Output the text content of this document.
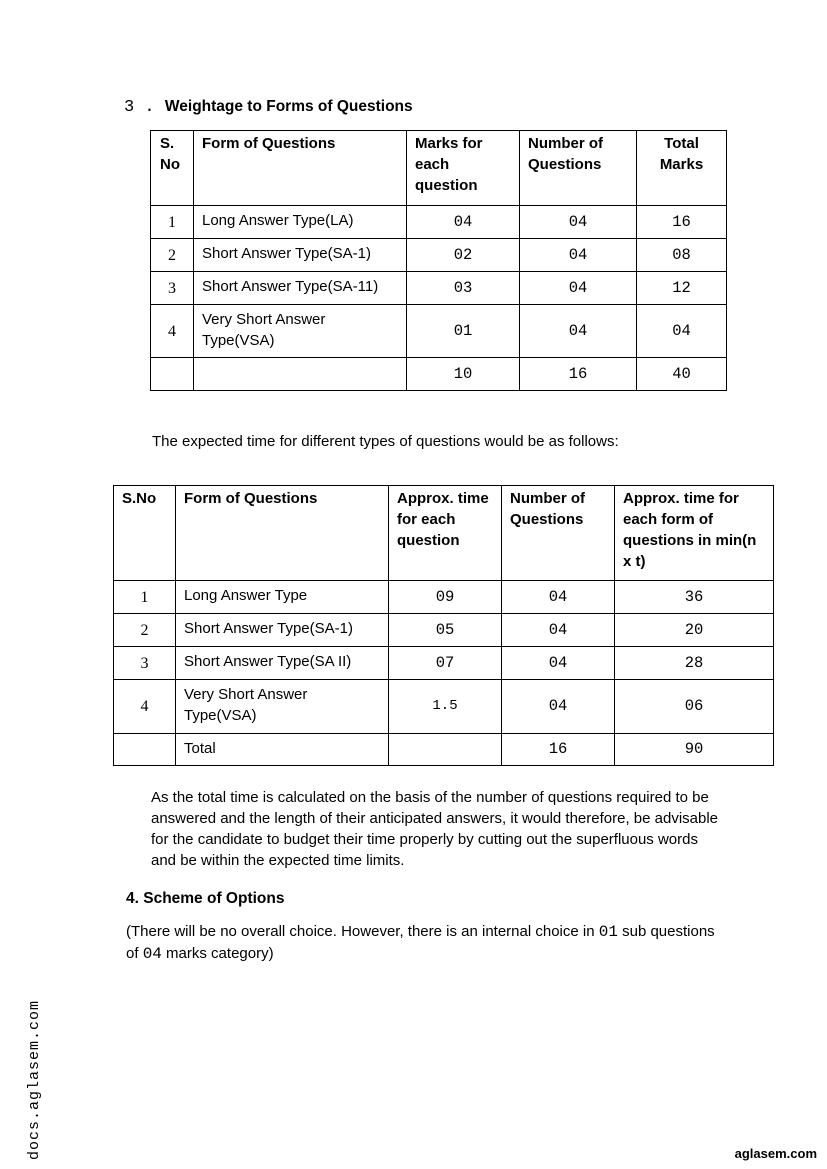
3 . Weightage to Forms of Questions
S. No	Form of Questions	Marks for each question	Number of Questions	Total Marks
1	Long Answer Type(LA)	04	04	16
2	Short Answer Type(SA-1)	02	04	08
3	Short Answer Type(SA-11)	03	04	12
4	Very Short Answer Type(VSA)	01	04	04
		10	16	40
The expected time for different types of questions would be as follows:
S.No	Form of Questions	Approx. time for each question	Number of Questions	Approx. time for each form of questions in min(n x t)
1	Long Answer Type	09	04	36
2	Short Answer Type(SA-1)	05	04	20
3	Short Answer Type(SA II)	07	04	28
4	Very Short Answer Type(VSA)	1.5	04	06
	Total		16	90
As the total time is calculated on the basis of the number of questions required to be answered and the length of their anticipated answers, it would therefore, be advisable for the candidate to budget their time properly by cutting out the superfluous words and be within the expected time limits.
4. Scheme of Options
(There will be no overall choice. However, there is an internal choice in 01 sub questions of 04 marks category)
docs.aglasem.com	aglasem.com
